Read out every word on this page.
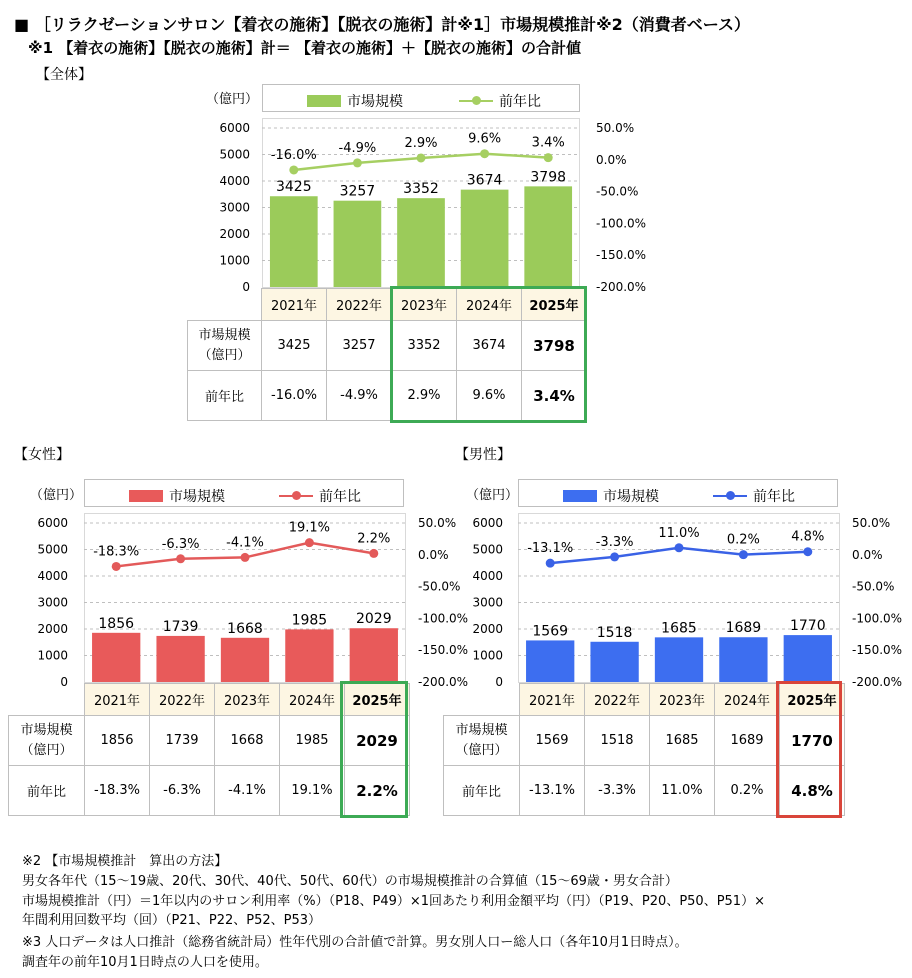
■ ［リラクゼーションサロン【着衣の施術】【脱衣の施術】計※1］市場規模推計※2（消費者ベース）
※1 【着衣の施術】【脱衣の施術】計＝ 【着衣の施術】＋【脱衣の施術】の合計値
【全体】
（億円）	市場規模	前年比
6000
5000
4000
3000
2000
1000
0
50.0%
0.0%
-50.0%
-100.0%
-150.0%
-200.0%
3425 3257 3352
3674 3798
-16.0% -4.9% 2.9% 9.6% 3.4%
	2021年	2022年	2023年	2024年	2025年

市場規模
（億円）	3425	3257	3352	3674	3798
前年比	-16.0%	-4.9%	2.9%	9.6%	3.4%
【女性】
（億円）	市場規模	前年比
6000
5000
4000
3000
2000
1000
0
50.0%
0.0%
-50.0%
-100.0%
-150.0%
-200.0%
1856 1739 1668
1985 2029
-18.3%
-6.3% -4.1%
19.1%
2.2%
	2021年	2022年	2023年	2024年	2025年

市場規模
（億円）	1856	1739	1668	1985	2029
前年比	-18.3%	-6.3%	-4.1%	19.1%	2.2%
【男性】
（億円）	市場規模	前年比
6000
5000
4000
3000
2000
1000
0
50.0%
0.0%
-50.0%
-100.0%
-150.0%
-200.0%
1569 1518 1685 1689 1770
-13.1% -3.3%
11.0% 0.2% 4.8%
	2021年	2022年	2023年	2024年	2025年

市場規模
（億円）	1569	1518	1685	1689	1770
前年比	-13.1%	-3.3%	11.0%	0.2%	4.8%
※2 【市場規模推計　算出の方法】
男女各年代（15～19歳、20代、30代、40代、50代、60代）の市場規模推計の合算値（15～69歳・男女合計）
市場規模推計（円）＝1年以内のサロン利用率（%）（P18、P49）×1回あたり利用金額平均（円）（P19、P20、P50、P51）×
年間利用回数平均（回）（P21、P22、P52、P53）
※3 人口データは人口推計（総務省統計局）性年代別の合計値で計算。男女別人口ー総人口（各年10月1日時点）。
調査年の前年10月1日時点の人口を使用。
